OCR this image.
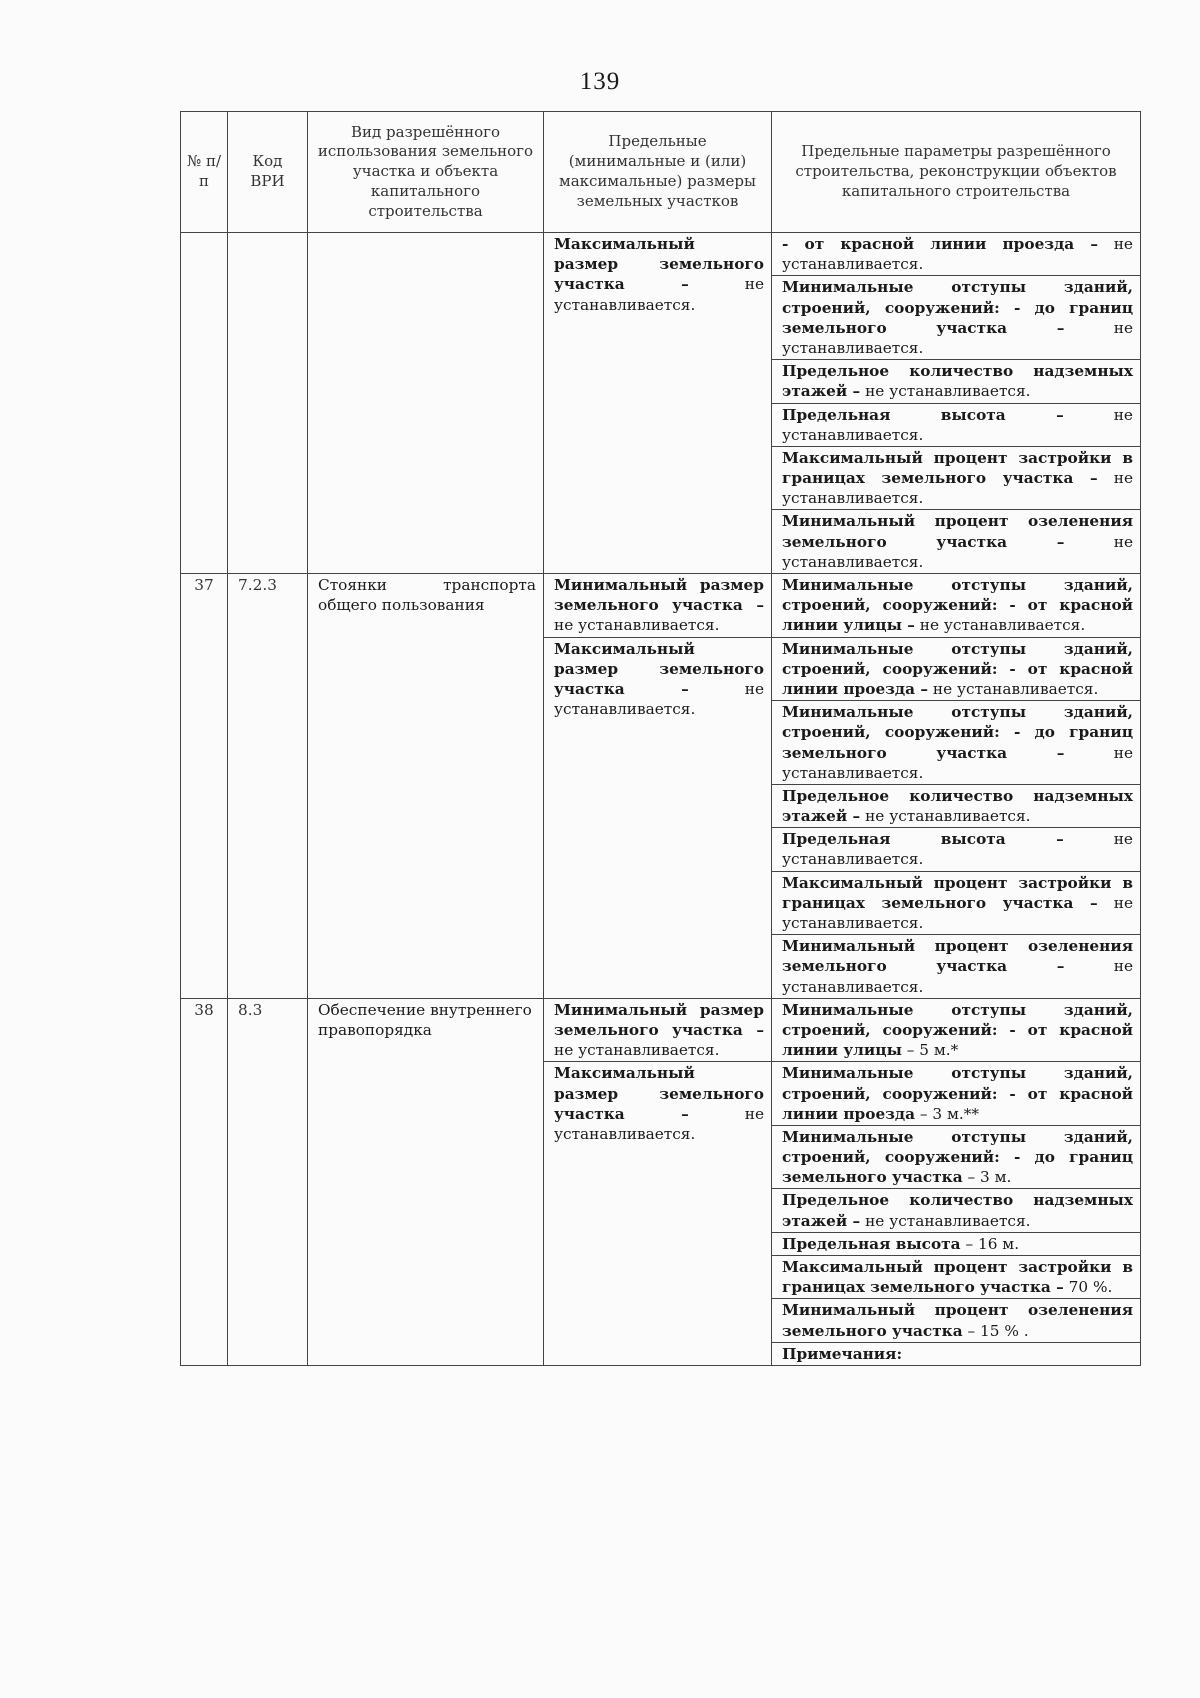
139
№ п/п	Код ВРИ	Вид разрешённого использования земельного участка и объекта капитального строительства	Предельные (минимальные и (или) максимальные) размеры земельных участков	Предельные параметры разрешённого строительства, реконструкции объектов капитального строительства
			Максимальный размер земельного участка – не устанавливается.	- от красной линии проезда – не устанавливается.
				Минимальные отступы зданий, строений, сооружений: - до границ земельного участка – не устанавливается.
				Предельное количество надземных этажей – не устанавливается.
				Предельная высота – не устанавливается.
				Максимальный процент застройки в границах земельного участка – не устанавливается.
				Минимальный процент озеленения земельного участка – не устанавливается.
37	7.2.3	Стоянки транспорта общего пользования	Минимальный размер земельного участка – не устанавливается.	Минимальные отступы зданий, строений, сооружений: - от красной линии улицы – не устанавливается.
			Максимальный размер земельного участка – не устанавливается.	Минимальные отступы зданий, строений, сооружений: - от красной линии проезда – не устанавливается.
				Минимальные отступы зданий, строений, сооружений: - до границ земельного участка – не устанавливается.
				Предельное количество надземных этажей – не устанавливается.
				Предельная высота – не устанавливается.
				Максимальный процент застройки в границах земельного участка – не устанавливается.
				Минимальный процент озеленения земельного участка – не устанавливается.
38	8.3	Обеспечение внутреннего правопорядка	Минимальный размер земельного участка – не устанавливается.	Минимальные отступы зданий, строений, сооружений: - от красной линии улицы – 5 м.*
			Максимальный размер земельного участка – не устанавливается.	Минимальные отступы зданий, строений, сооружений: - от красной линии проезда – 3 м.**
				Минимальные отступы зданий, строений, сооружений: - до границ земельного участка – 3 м.
				Предельное количество надземных этажей – не устанавливается.
				Предельная высота – 16 м.
				Максимальный процент застройки в границах земельного участка – 70 %.
				Минимальный процент озеленения земельного участка – 15 % .
				Примечания:
